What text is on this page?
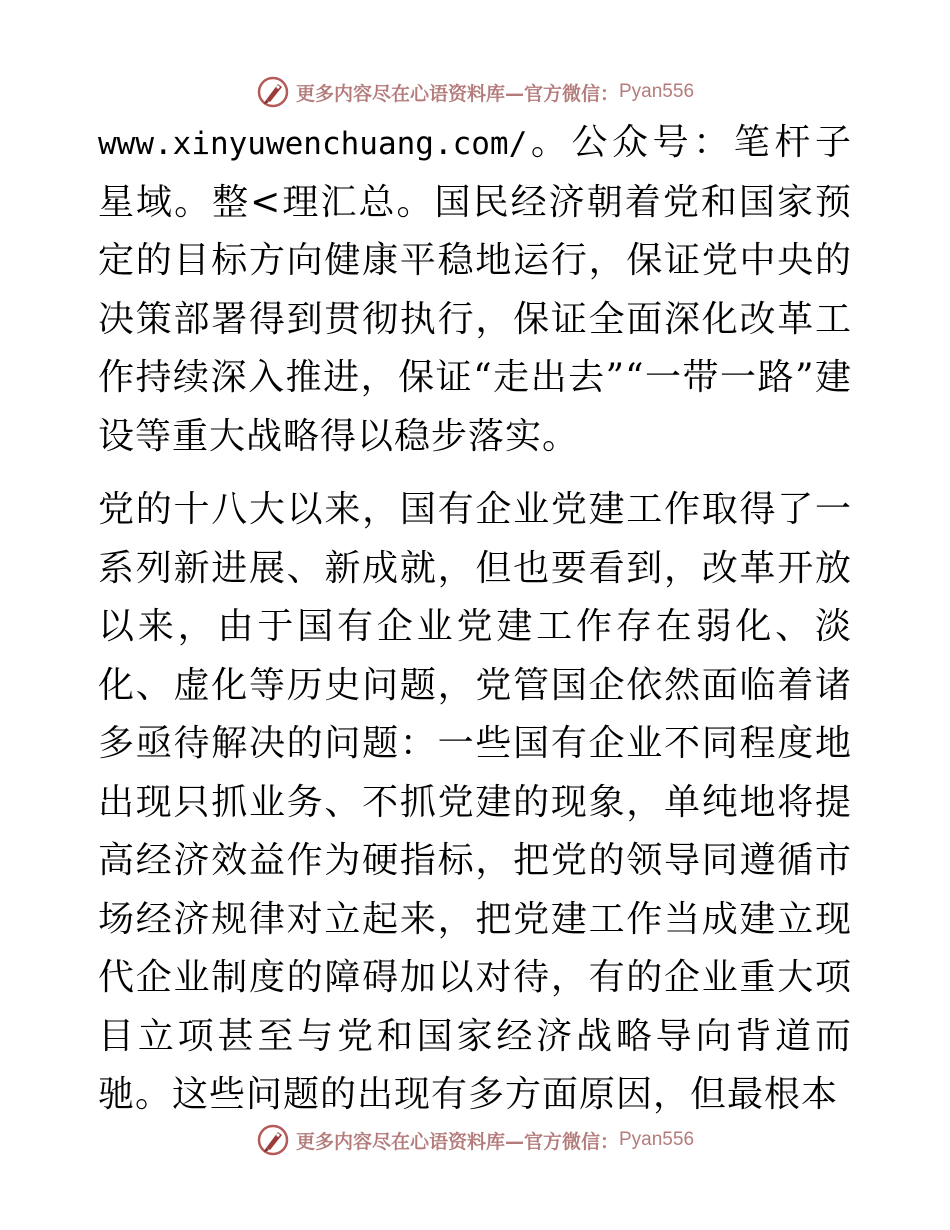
更多内容尽在心语资料库—官方微信： Pyan556

www.xinyuwenchuang.com/。公众号：笔杆子星域。整<理汇总。国民经济朝着党和国家预定的目标方向健康平稳地运行，保证党中央的决策部署得到贯彻执行，保证全面深化改革工作持续深入推进，保证“走出去”“一带一路”建设等重大战略得以稳步落实。

党的十八大以来，国有企业党建工作取得了一系列新进展、新成就，但也要看到，改革开放以来，由于国有企业党建工作存在弱化、淡化、虚化等历史问题，党管国企依然面临着诸多亟待解决的问题：一些国有企业不同程度地出现只抓业务、不抓党建的现象，单纯地将提高经济效益作为硬指标，把党的领导同遵循市场经济规律对立起来，把党建工作当成建立现代企业制度的障碍加以对待，有的企业重大项目立项甚至与党和国家经济战略导向背道而驰。这些问题的出现有多方面原因，但最根本

更多内容尽在心语资料库—官方微信： Pyan556
